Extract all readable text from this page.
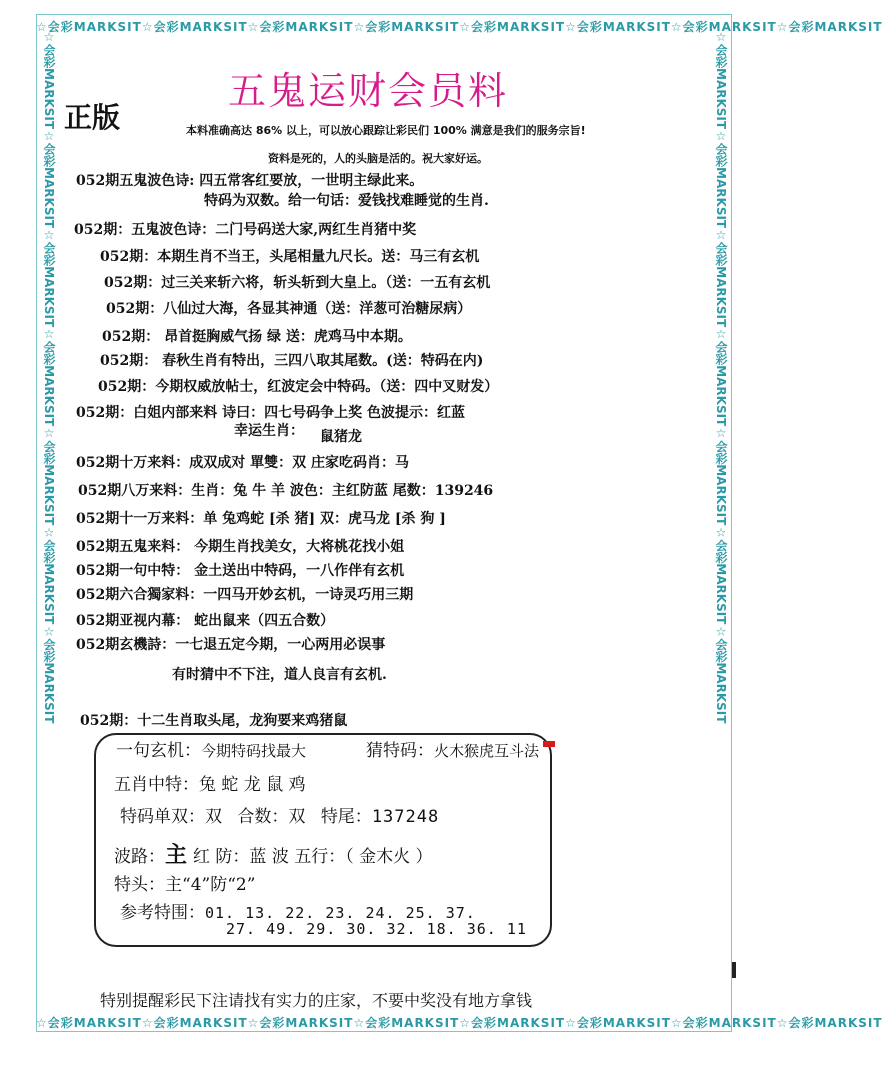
☆会彩MARKSIT☆会彩MARKSIT☆会彩MARKSIT☆会彩MARKSIT☆会彩MARKSIT☆会彩MARKSIT☆会彩MARKSIT☆会彩MARKSIT
☆会彩MARKSIT☆会彩MARKSIT☆会彩MARKSIT☆会彩MARKSIT☆会彩MARKSIT☆会彩MARKSIT☆会彩MARKSIT☆会彩MARKSIT
☆会彩MARKSIT☆会彩MARKSIT☆会彩MARKSIT☆会彩MARKSIT☆会彩MARKSIT☆会彩MARKSIT☆会彩MARKSIT	☆会彩MARKSIT☆会彩MARKSIT☆会彩MARKSIT☆会彩MARKSIT☆会彩MARKSIT☆会彩MARKSIT☆会彩MARKSIT
五鬼运财会员料
正版	本料准确高达 86% 以上，可以放心跟踪让彩民们 100% 满意是我们的服务宗旨!
资料是死的，人的头脑是活的。祝大家好运。
052期五鬼波色诗: 四五常客红要放，一世明主绿此来。
特码为双数。给一句话：爱钱找难睡觉的生肖.
052期：五鬼波色诗：二门号码送大家,两红生肖猪中奖
052期：本期生肖不当王，头尾相量九尺长。送：马三有玄机
052期：过三关来斩六将，斩头斩到大皇上。（送：一五有玄机
052期：八仙过大海，各显其神通（送：洋葱可治糖尿病）
052期： 昂首挺胸威气扬 绿 送：虎鸡马中本期。
052期： 春秋生肖有特出，三四八取其尾数。(送：特码在内)
052期：今期权威放帖士，红波定会中特码。（送：四中叉财发）
052期：白姐内部来料 诗曰：四七号码争上奖 色波提示：红蓝
幸运生肖： 鼠猪龙
052期十万来料：成双成对 單雙：双 庄家吃码肖：马
052期八万来料：生肖：兔 牛 羊 波色：主红防蓝 尾数：139246
052期十一万来料：单 兔鸡蛇 [杀 猪] 双：虎马龙 [杀 狗 ]
052期五鬼来料： 今期生肖找美女，大将桃花找小姐
052期一句中特： 金土送出中特码，一八作伴有玄机
052期六合獨家料：一四马开妙玄机，一诗灵巧用三期
052期亚视内幕： 蛇出鼠来（四五合数）
052期玄機詩：一七退五定今期，一心两用必误事
有时猜中不下注，道人良言有玄机.
052期：十二生肖取头尾，龙狗要来鸡猪鼠
一句玄机：今期特码找最大	猜特码：火木猴虎互斗法
五肖中特：兔 蛇 龙 鼠 鸡
特码单双：双 合数：双 特尾：137248
波路：主 红 防：蓝 波 五行：（ 金木火 ）
特头：主“4”防“2”
参考特围：01. 13. 22. 23. 24. 25. 37.
27. 49. 29. 30. 32. 18. 36. 11
特别提醒彩民下注请找有实力的庄家，不要中奖没有地方拿钱
